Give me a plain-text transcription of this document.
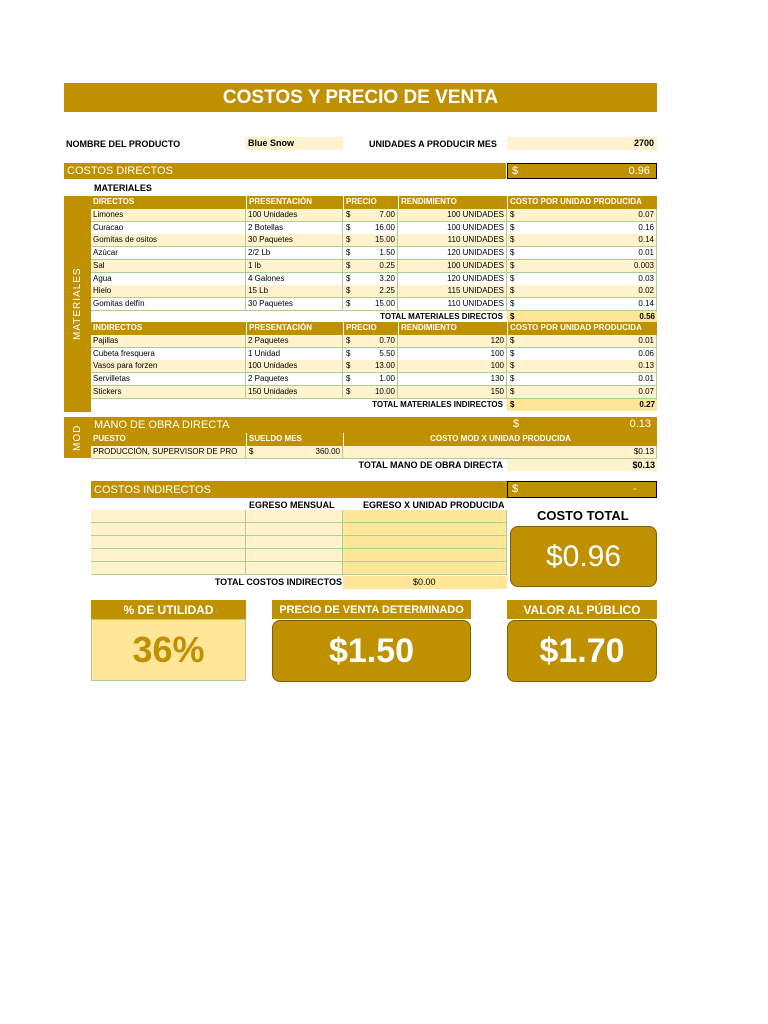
COSTOS Y PRECIO DE VENTA
NOMBRE DEL PRODUCTO	Blue Snow	UNIDADES A PRODUCIR MES	2700
COSTOS DIRECTOS	$	0.96
MATERIALES
MATERIALES
DIRECTOS	PRESENTACIÓN	PRECIO	RENDIMIENTO	COSTO POR UNIDAD PRODUCIDA
Limones	100 Unidades	$	7.00	100 UNIDADES $	0.07
Curacao	2 Botellas	$	16.00	100 UNIDADES $	0.16
Gomitas de ositos	30 Paquetes	$	15.00	110 UNIDADES $	0.14
Azúcar	2/2 Lb	$	1.50	120 UNIDADES $	0.01
Sal	1 lb	$	0.25	100 UNIDADES $	0.003
Agua	4 Galones	$	3.20	120 UNIDADES $	0.03
Hielo	15 Lb	$	2.25	115 UNIDADES $	0.02
Gomitas delfín	30 Paquetes	$	15.00	110 UNIDADES $	0.14
TOTAL MATERIALES DIRECTOS $	0.56
INDIRECTOS	PRESENTACIÓN	PRECIO	RENDIMIENTO	COSTO POR UNIDAD PRODUCIDA
Pajillas	2 Paquetes	$	0.70	120 $	0.01
Cubeta fresquera	1 Unidad	$	5.50	100 $	0.06
Vasos para forzen	100 Unidades	$	13.00	100 $	0.13
Servilletas	2 Paquetes	$	1.00	130 $	0.01
Stickers	150 Unidades	$	10.00	150 $	0.07
TOTAL MATERIALES INDIRECTOS $	0.27
MOD	MANO DE OBRA DIRECTA	$	0.13
PUESTO	SUELDO MES	COSTO MOD X UNIDAD PRODUCIDA
PRODUCCIÓN, SUPERVISOR DE PRO	$	360.00	$0.13
TOTAL MANO DE OBRA DIRECTA	$0.13
COSTOS INDIRECTOS	$	-
EGRESO MENSUAL	EGRESO X UNIDAD PRODUCIDA
TOTAL COSTOS INDIRECTOS	$0.00
COSTO TOTAL
$0.96
% DE UTILIDAD
36%
PRECIO DE VENTA DETERMINADO
$1.50
VALOR AL PÚBLICO
$1.70
